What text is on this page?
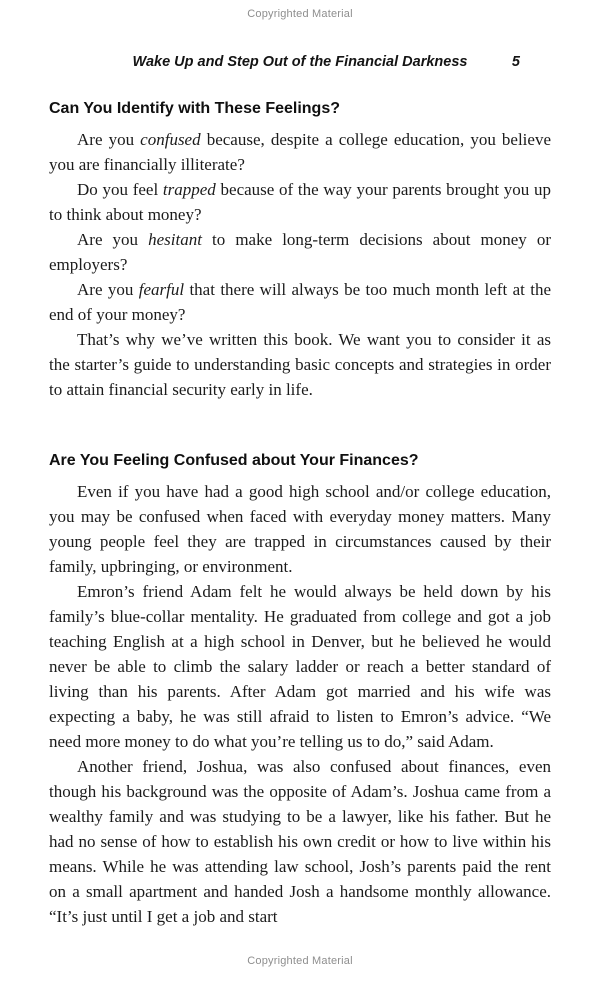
Copyrighted Material
Wake Up and Step Out of the Financial Darkness	5
Can You Identify with These Feelings?

Are you confused because, despite a college education, you believe you are financially illiterate?

Do you feel trapped because of the way your parents brought you up to think about money?

Are you hesitant to make long-term decisions about money or employers?

Are you fearful that there will always be too much month left at the end of your money?

That’s why we’ve written this book. We want you to consider it as the starter’s guide to understanding basic concepts and strategies in order to attain financial security early in life.

Are You Feeling Confused about Your Finances?

Even if you have had a good high school and/or college education, you may be confused when faced with everyday money matters. Many young people feel they are trapped in circumstances caused by their family, upbringing, or environment.

Emron’s friend Adam felt he would always be held down by his family’s blue-collar mentality. He graduated from college and got a job teaching English at a high school in Denver, but he believed he would never be able to climb the salary ladder or reach a better standard of living than his parents. After Adam got married and his wife was expecting a baby, he was still afraid to listen to Emron’s advice. “We need more money to do what you’re telling us to do,” said Adam.

Another friend, Joshua, was also confused about finances, even though his background was the opposite of Adam’s. Joshua came from a wealthy family and was studying to be a lawyer, like his father. But he had no sense of how to establish his own credit or how to live within his means. While he was attending law school, Josh’s parents paid the rent on a small apartment and handed Josh a handsome monthly allowance. “It’s just until I get a job and start

Copyrighted Material
